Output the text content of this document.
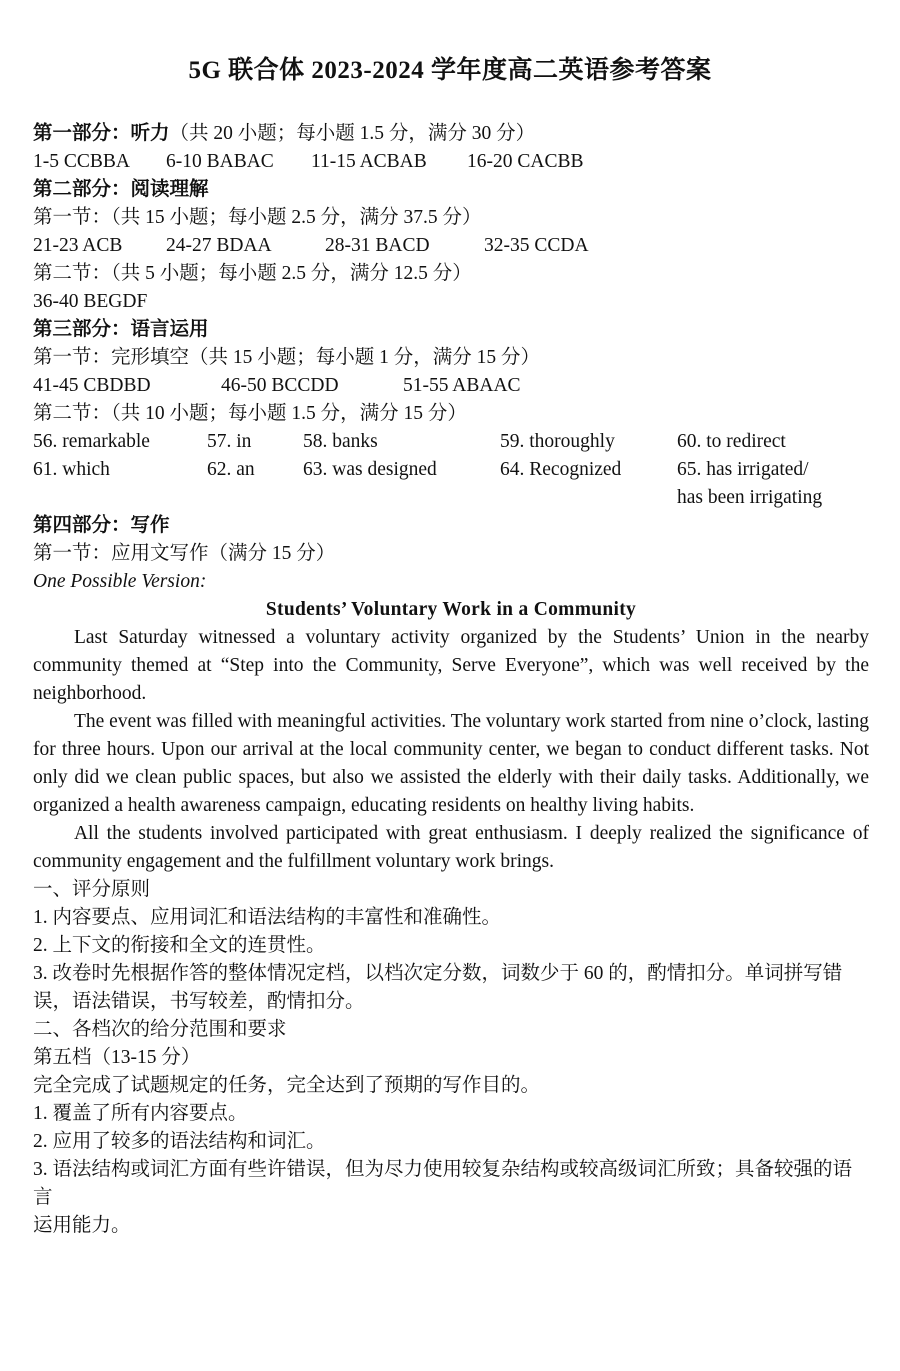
5G 联合体 2023-2024 学年度高二英语参考答案
第一部分：听力（共 20 小题；每小题 1.5 分，满分 30 分）
1-5 CCBBA 6-10 BABAC 11-15 ACBAB 16-20 CACBB
第二部分：阅读理解
第一节：（共 15 小题；每小题 2.5 分，满分 37.5 分）
21-23 ACB 24-27 BDAA	28-31 BACD	32-35 CCDA
第二节：（共 5 小题；每小题 2.5 分，满分 12.5 分）
36-40 BEGDF
第三部分：语言运用
第一节：完形填空（共 15 小题；每小题 1 分，满分 15 分）
41-45 CBDBD	46-50 BCCDD	51-55 ABAAC
第二节：（共 10 小题；每小题 1.5 分，满分 15 分）
56. remarkable	57. in	58. banks	59. thoroughly	60. to redirect
61. which	62. an 63. was designed	64. Recognized	65. has irrigated/
has been irrigating
第四部分：写作
第一节：应用文写作（满分 15 分）
One Possible Version:
Students’ Voluntary Work in a Community
Last Saturday witnessed a voluntary activity organized by the Students’ Union in the nearby community themed at “Step into the Community, Serve Everyone”, which was well received by the neighborhood.
The event was filled with meaningful activities. The voluntary work started from nine o’clock, lasting for three hours. Upon our arrival at the local community center, we began to conduct different tasks. Not only did we clean public spaces, but also we assisted the elderly with their daily tasks. Additionally, we organized a health awareness campaign, educating residents on healthy living habits.
All the students involved participated with great enthusiasm. I deeply realized the significance of community engagement and the fulfillment voluntary work brings.
一、评分原则
1. 内容要点、应用词汇和语法结构的丰富性和准确性。
2. 上下文的衔接和全文的连贯性。
3. 改卷时先根据作答的整体情况定档，以档次定分数，词数少于 60 的，酌情扣分。单词拼写错误，语法错误，书写较差，酌情扣分。
二、各档次的给分范围和要求
第五档（13-15 分）
完全完成了试题规定的任务，完全达到了预期的写作目的。
1. 覆盖了所有内容要点。
2. 应用了较多的语法结构和词汇。
3. 语法结构或词汇方面有些许错误，但为尽力使用较复杂结构或较高级词汇所致；具备较强的语言
运用能力。
